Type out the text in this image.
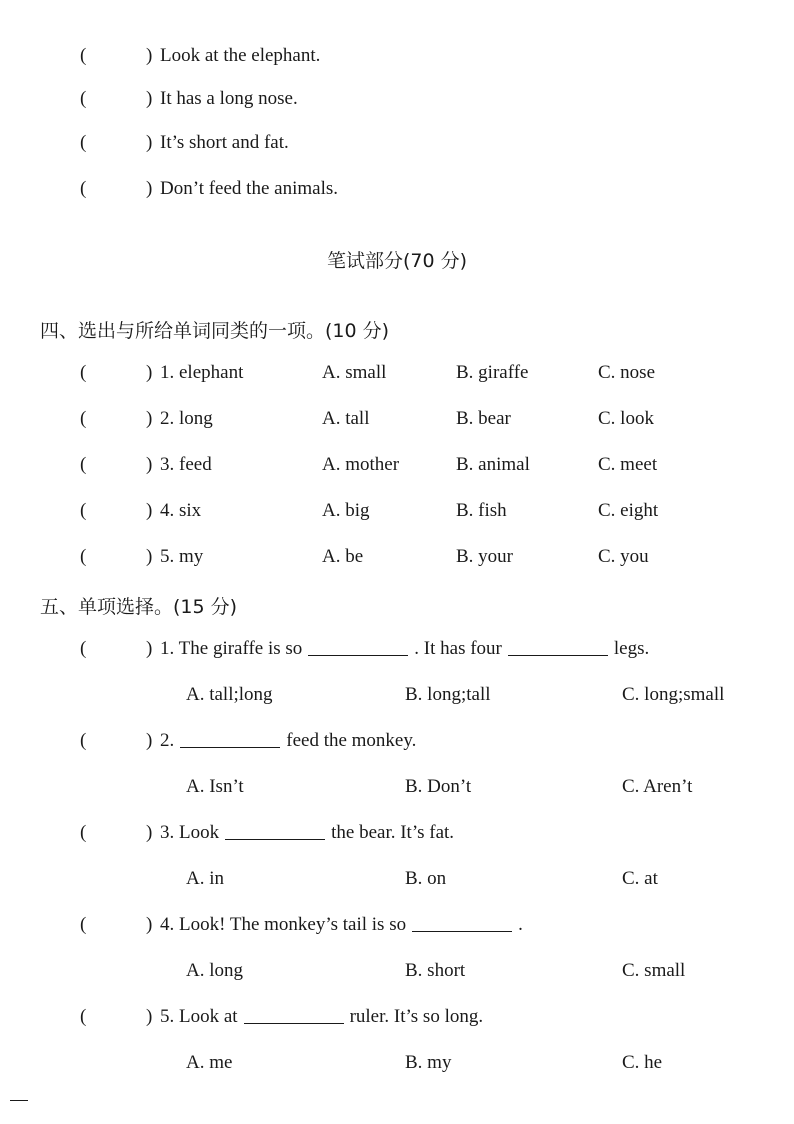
(	) Look at the elephant.
(	) It has a long nose.
(	) It’s short and fat.
(	) Don’t feed the animals.
笔试部分(70 分)
四、选出与所给单词同类的一项。(10 分)
(	) 1. elephant	A. small	B. giraffe	C. nose
(	) 2. long	A. tall	B. bear	C. look
(	) 3. feed	A. mother	B. animal	C. meet
(	) 4. six	A. big	B. fish	C. eight
(	) 5. my	A. be	B. your	C. you
五、单项选择。(15 分)
(	) 1. The giraffe is so	. It has four	legs.
A. tall;long	B. long;tall	C. long;small
(	) 2.	feed the monkey.
A. Isn’t	B. Don’t	C. Aren’t
(	) 3. Look	the bear. It’s fat.
A. in	B. on	C. at
(	) 4. Look! The monkey’s tail is so	.
A. long	B. short	C. small
(	) 5. Look at	ruler. It’s so long.
A. me	B. my	C. he
